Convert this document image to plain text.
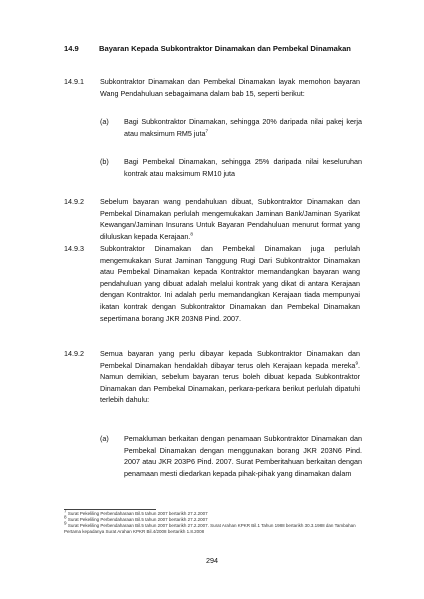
14.9	Bayaran Kepada Subkontraktor Dinamakan dan Pembekal Dinamakan
14.9.1 Subkontraktor Dinamakan dan Pembekal Dinamakan layak memohon bayaran Wang Pendahuluan sebagaimana dalam bab 15, seperti berikut:
(a) Bagi Subkontraktor Dinamakan, sehingga 20% daripada nilai pakej kerja atau maksimum RM5 juta$^7$
(b) Bagi Pembekal Dinamakan, sehingga 25% daripada nilai keseluruhan kontrak atau maksimum RM10 juta
14.9.2 Sebelum bayaran wang pendahuluan dibuat, Subkontraktor Dinamakan dan Pembekal Dinamakan perlulah mengemukakan Jaminan Bank/Jaminan Syarikat Kewangan/Jaminan Insurans Untuk Bayaran Pendahuluan menurut format yang diluluskan kepada Kerajaan.$^8$
14.9.3 Subkontraktor Dinamakan dan Pembekal Dinamakan juga perlulah mengemukakan Surat Jaminan Tanggung Rugi Dari Subkontraktor Dinamakan atau Pembekal Dinamakan kepada Kontraktor memandangkan bayaran wang pendahuluan yang dibuat adalah melalui kontrak yang dikat di antara Kerajaan dengan Kontraktor. Ini adalah perlu memandangkan Kerajaan tiada mempunyai ikatan kontrak dengan Subkontraktor Dinamakan dan Pembekal Dinamakan sepertimana borang JKR 203N8 Pind. 2007.
14.9.2 Semua bayaran yang perlu dibayar kepada Subkontraktor Dinamakan dan Pembekal Dinamakan hendaklah dibayar terus oleh Kerajaan kepada mereka$^9$. Namun demikian, sebelum bayaran terus boleh dibuat kepada Subkontraktor Dinamakan dan Pembekal Dinamakan, perkara-perkara berikut perlulah dipatuhi terlebih dahulu:
(a) Pemakluman berkaitan dengan penamaan Subkontraktor Dinamakan dan Pembekal Dinamakan dengan menggunakan borang JKR 203N6 Pind. 2007 atau JKR 203P6 Pind. 2007. Surat Pemberitahuan berkaitan dengan penamaan mesti diedarkan kepada pihak-pihak yang dinamakan dalam

$^7$ Surat Pekeliling Perbendaharaan Bil.5 tahun 2007 bertarikh 27.2.2007

$^8$ Surat Pekeliling Perbendaharaan Bil.5 tahun 2007 bertarikh 27.2.2007

$^9$ Surat Pekeliling Perbendaharaan Bil.5 tahun 2007 bertarikh 27.2.2007. Surat Arahan KPKR Bil.1 Tahun 1988 bertarikh 30.3.1988 dan Tambahan Pertama kepadanya Surat Arahan KPKR Bil.4/2008 bertarikh 1.8.2008

294
